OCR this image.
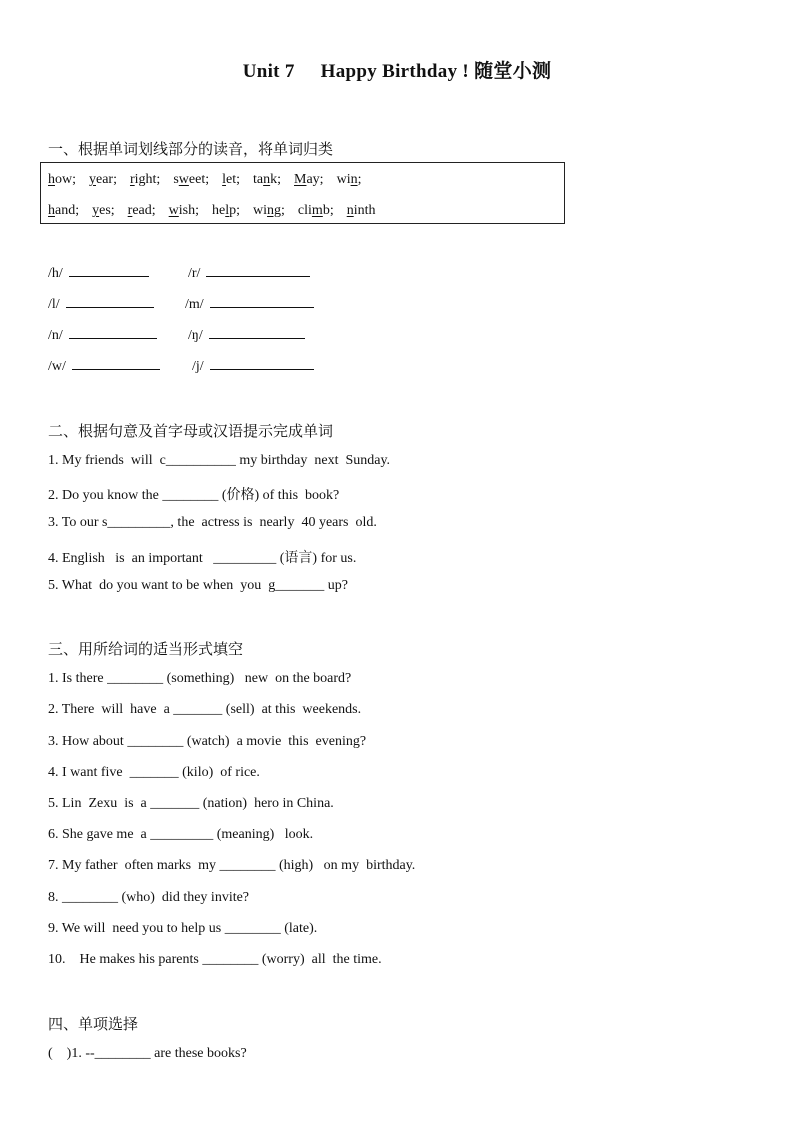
Unit 7 Happy Birthday ! 随堂小测
一、根据单词划线部分的读音，将单词归类
how; year; right; sweet; let; tank; May; win;
hand; yes; read; wish; help; wing; climb; ninth
/h/	/r/
/l/	/m/
/n/	/ŋ/
/w/	/j/
二、根据句意及首字母或汉语提示完成单词
1. My friends  will  c__________ my birthday  next  Sunday.
2. Do you know the ________ (价格) of this  book?
3. To our s_________, the  actress is  nearly  40 years  old.
4. English   is  an important   _________ (语言) for us.
5. What  do you want to be when  you  g_______ up?
三、用所给词的适当形式填空
1. Is there ________ (something)   new  on the board?
2. There  will  have  a _______ (sell)  at this  weekends.
3. How about ________ (watch)  a movie  this  evening?
4. I want five  _______ (kilo)  of rice.
5. Lin  Zexu  is  a _______ (nation)  hero in China.
6. She gave me  a _________ (meaning)   look.
7. My father  often marks  my ________ (high)   on my  birthday.
8. ________ (who)  did they invite?
9. We will  need you to help us ________ (late).
10.    He makes his parents ________ (worry)  all  the time.
四、单项选择
(    )1. --________ are these books?
